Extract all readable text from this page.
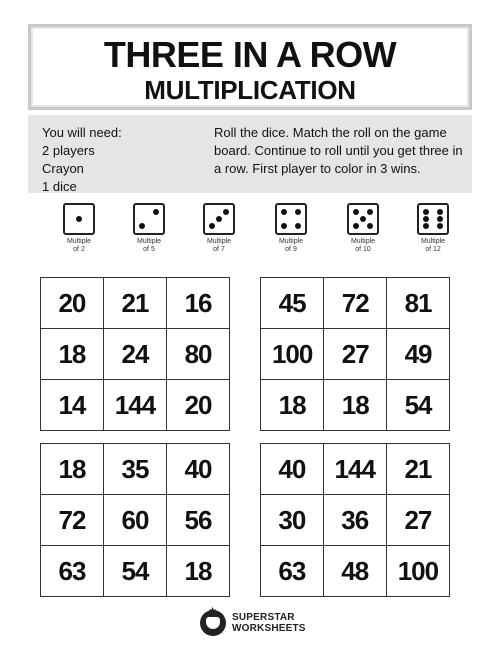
THREE IN A ROW
MULTIPLICATION
You will need:
2 players
Crayon
1 dice
Roll the dice. Match the roll on the game board. Continue to roll until you get three in a row. First player to color in 3 wins.
Multiple
of 2
Multiple
of 5
Multiple
of 7
Multiple
of 9
Multiple
of 10
Multiple
of 12
20	21	16
18	24	80
14	144	20
45	72	81
100	27	49
18	18	54
18	35	40
72	60	56
63	54	18
40	144	21
30	36	27
63	48	100
★
SUPERSTAR
WORKSHEETS
